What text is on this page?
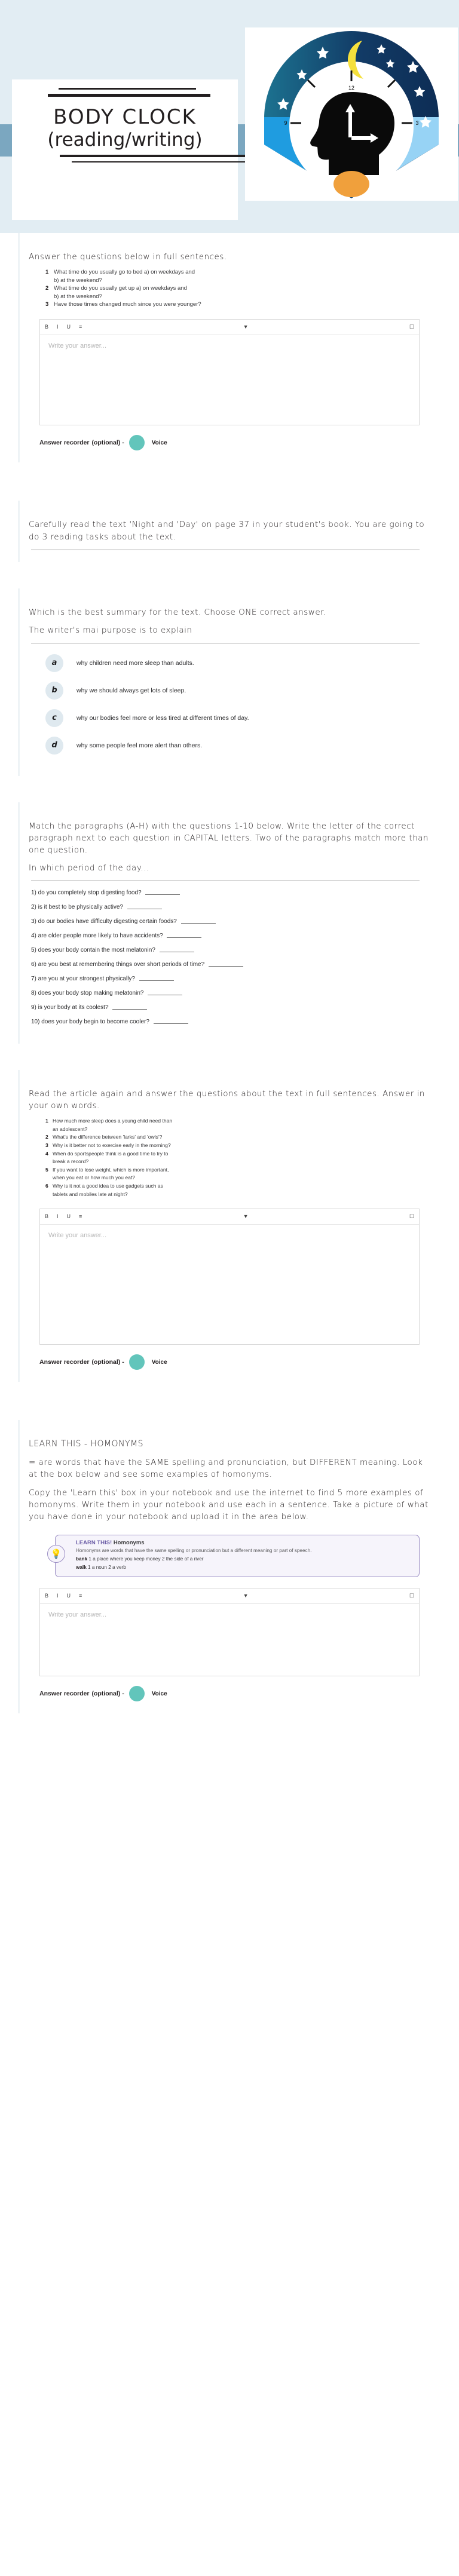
BODY CLOCK
(reading/writing)
12
3
9
Answer the questions below in full sentences.
1 What time do you usually go to bed a) on weekdays and
b) at the weekend?
2 What time do you usually get up a) on weekdays and
b) at the weekend?
3 Have those times changed much since you were younger?
B I U ≡	▼	☐
Write your answer...
Answer recorder (optional) -	Voice
Carefully read the text 'Night and 'Day' on page 37 in your student's book. You are going to do 3 reading tasks about the text.
Which is the best summary for the text. Choose ONE correct answer.
The writer's mai purpose is to explain
a	why children need more sleep than adults.
b	why we should always get lots of sleep.
c	why our bodies feel more or less tired at different times of day.
d	why some people feel more alert than others.
Match the paragraphs (A-H) with the questions 1-10 below. Write the letter of the correct paragraph next to each question in CAPITAL letters. Two of the paragraphs match more than one question.
In which period of the day...
1) do you completely stop digesting food?
2) is it best to be physically active?
3) do our bodies have difficulty digesting certain foods?
4) are older people more likely to have accidents?
5) does your body contain the most melatonin?
6) are you best at remembering things over short periods of time?
7) are you at your strongest physically?
8) does your body stop making melatonin?
9) is your body at its coolest?
10) does your body begin to become cooler?
Read the article again and answer the questions about the text in full sentences. Answer in your own words.
1 How much more sleep does a young child need than
an adolescent?
2 What's the difference between 'larks' and 'owls'?
3 Why is it better not to exercise early in the morning?
4 When do sportspeople think is a good time to try to
break a record?
5 If you want to lose weight, which is more important,
when you eat or how much you eat?
6 Why is it not a good idea to use gadgets such as
tablets and mobiles late at night?
B I U ≡	▼	☐
Write your answer...
Answer recorder (optional) -	Voice
LEARN THIS - HOMONYMS
= are words that have the SAME spelling and pronunciation, but DIFFERENT meaning. Look at the box below and see some examples of homonyms.
Copy the 'Learn this' box in your notebook and use the internet to find 5 more examples of homonyms. Write them in your notebook and use each in a sentence. Take a picture of what you have done in your notebook and upload it in the area below.
💡
LEARN THIS! Homonyms
Homonyms are words that have the same spelling or pronunciation but a different meaning or part of speech.
bank 1 a place where you keep money 2 the side of a river
walk 1 a noun 2 a verb
B I U ≡	▼	☐
Write your answer...
Answer recorder (optional) -	Voice
